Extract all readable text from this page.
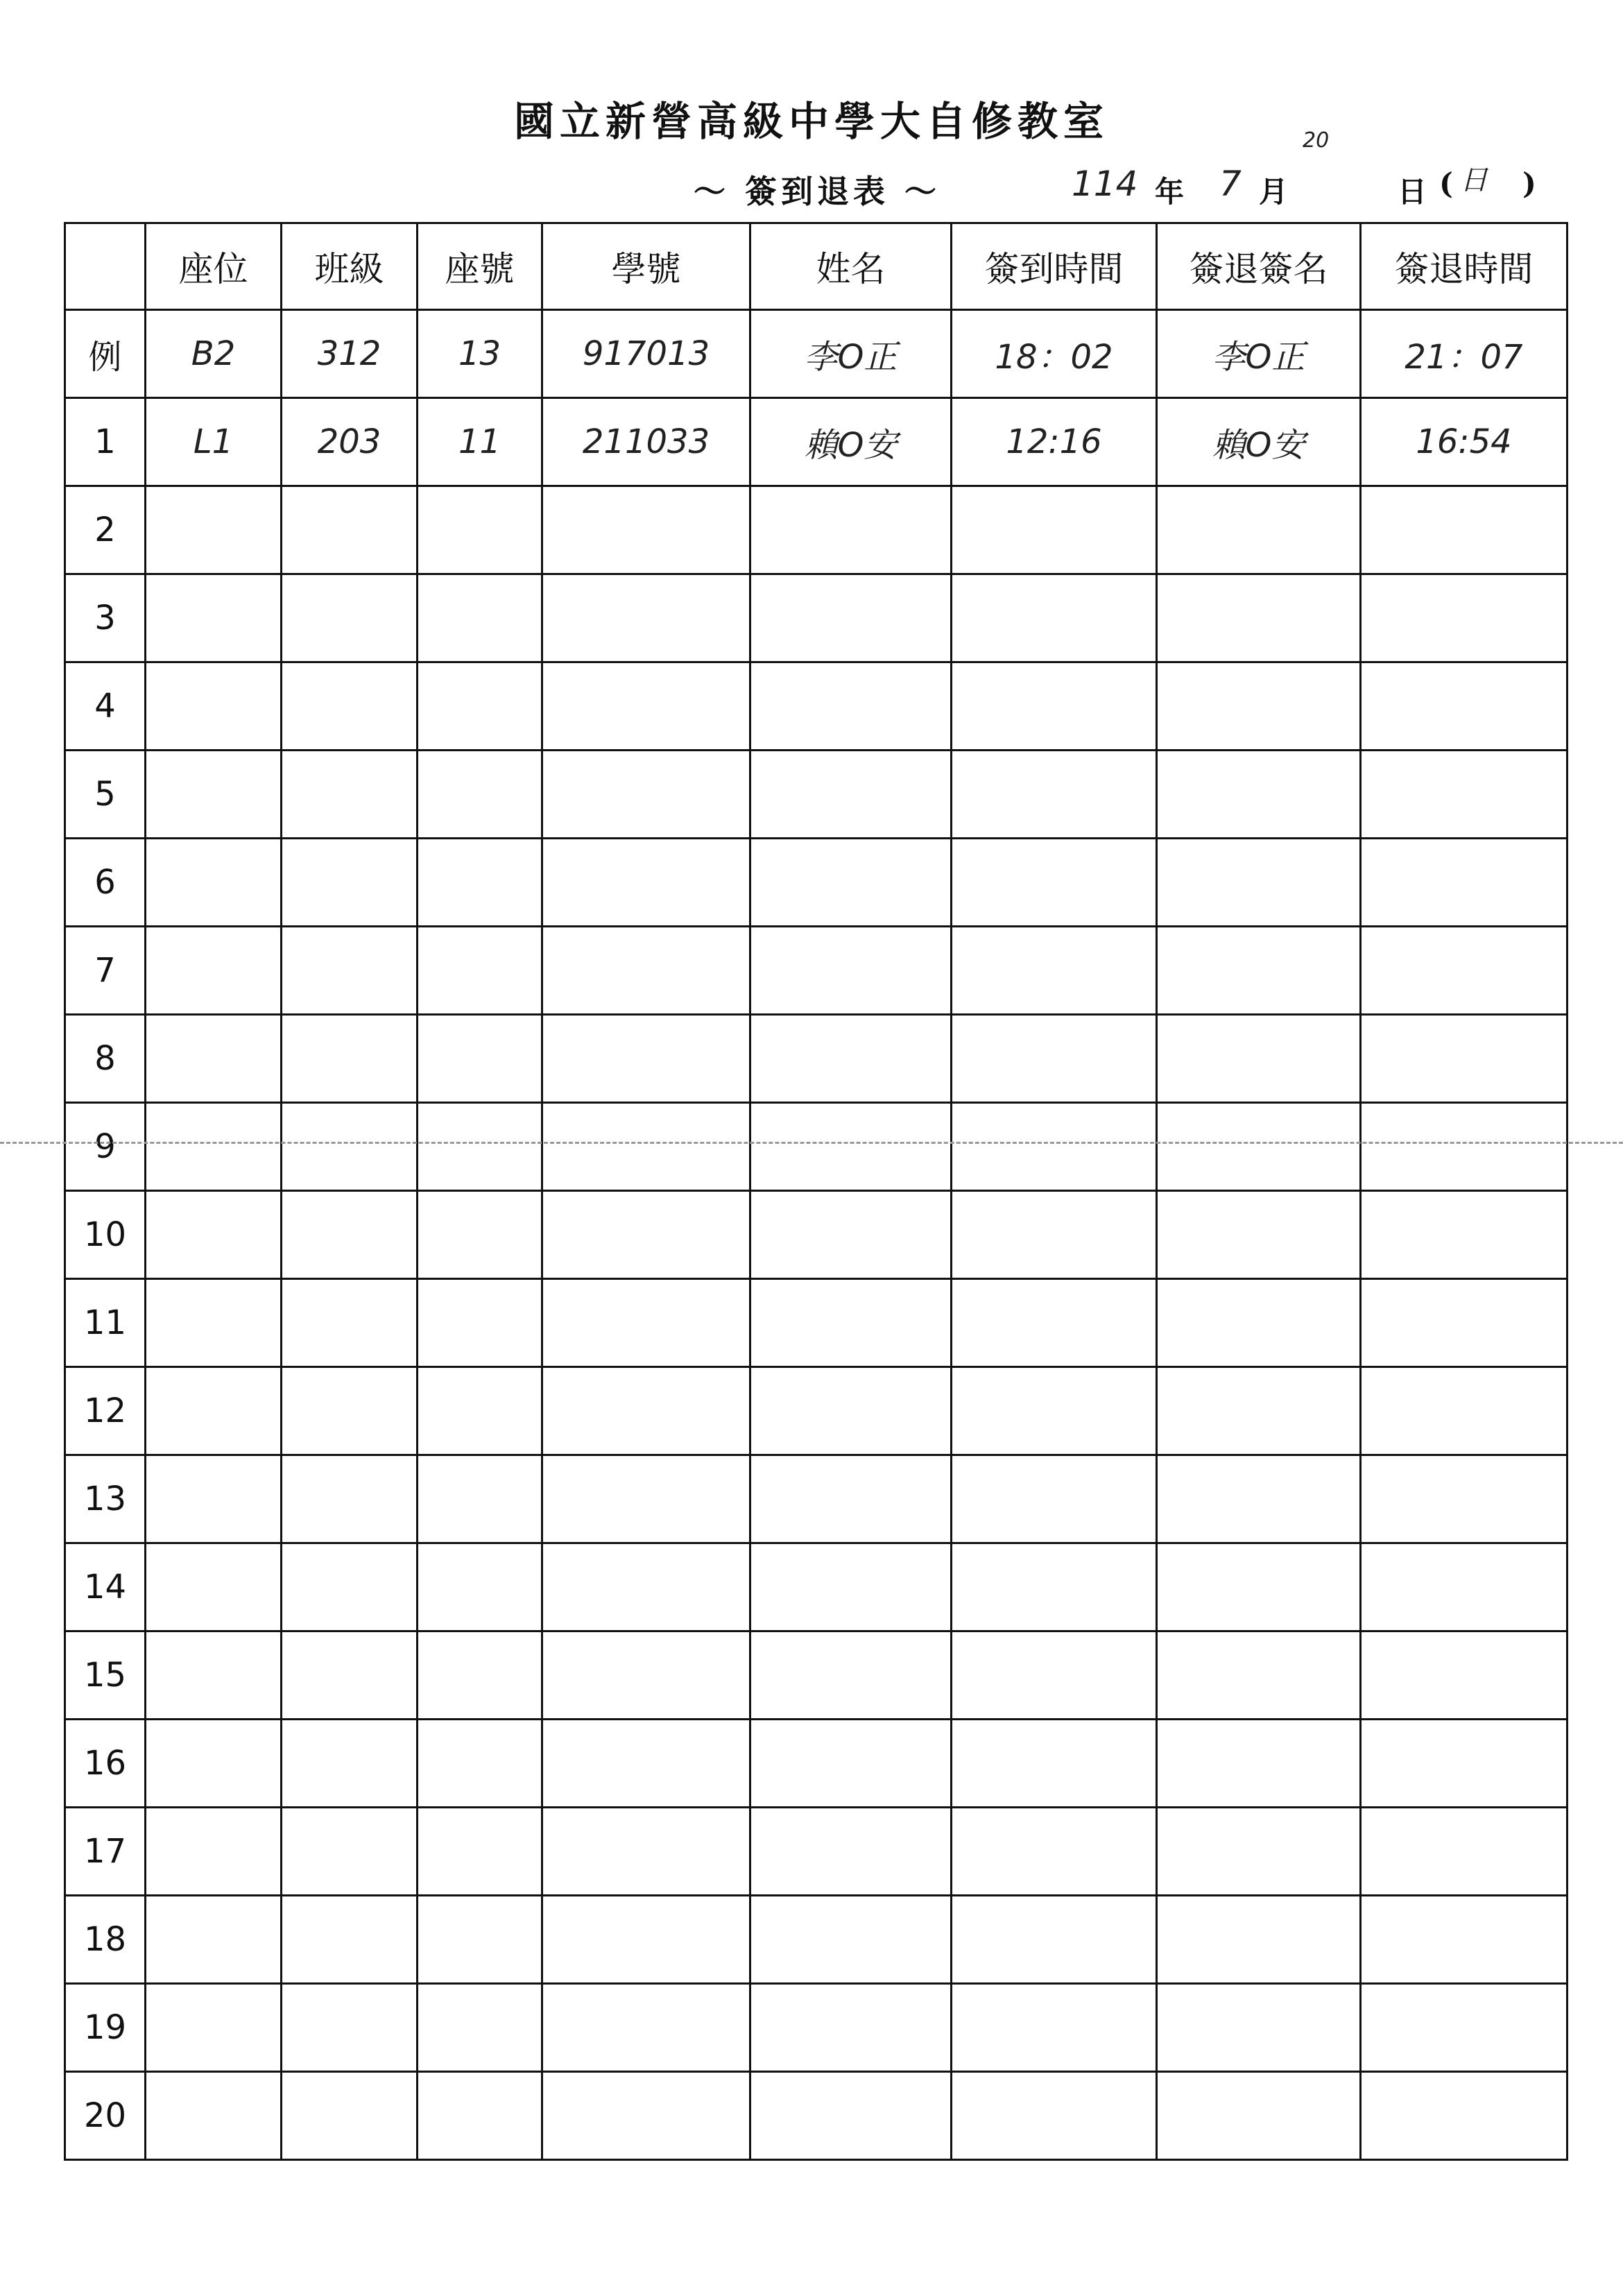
國立新營高級中學大自修教室
～ 簽到退表 ～	114 年 7 月
20
日 ( 日 )
	座位	班級	座號	學號	姓名	簽到時間	簽退簽名	簽退時間
例	B2	312	13	917013	李O正	18：02	李O正	21：07
1	L1	203	11	211033	賴O安	12:16	賴O安	16:54
2								
3								
4								
5								
6								
7								
8								
9								
10								
11								
12								
13								
14								
15								
16								
17								
18								
19								
20								
